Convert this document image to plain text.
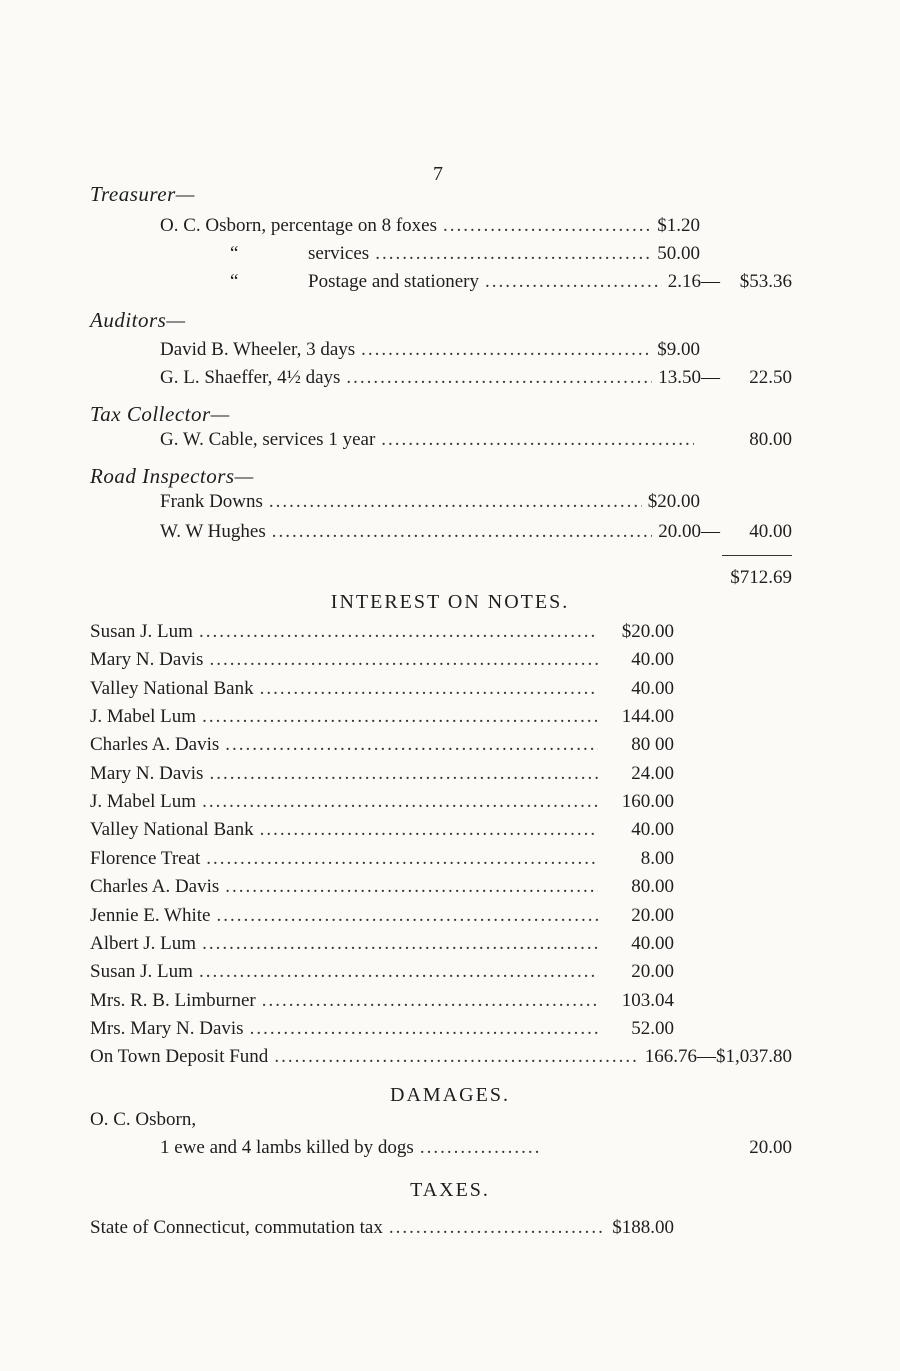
7
Treasurer—
O. C. Osborn, percentage on 8 foxes .....	$1.20
“	services .....	50.00
“	Postage and stationery .....	2.16—	$53.36
Auditors—
David B. Wheeler, 3 days .....	$9.00
G. L. Shaeffer, 4½ days .....	13.50—	22.50
Tax Collector—
G. W. Cable, services 1 year .....	80.00
Road Inspectors—
Frank Downs .....	$20.00
W. W Hughes .....	20.00—	40.00
$712.69
INTEREST ON NOTES.
Susan J. Lum .....	$20.00
Mary N. Davis .....	40.00
Valley National Bank .....	40.00
J. Mabel Lum .....	144.00
Charles A. Davis .....	80 00
Mary N. Davis .....	24.00
J. Mabel Lum .....	160.00
Valley National Bank .....	40.00
Florence Treat .....	8.00
Charles A. Davis .....	80.00
Jennie E. White .....	20.00
Albert J. Lum .....	40.00
Susan J. Lum .....	20.00
Mrs. R. B. Limburner .....	103.04
Mrs. Mary N. Davis .....	52.00
On Town Deposit Fund .....	166.76—$1,037.80
DAMAGES.
O. C. Osborn,
1 ewe and 4 lambs killed by dogs .....	20.00
TAXES.
State of Connecticut, commutation tax .....	$188.00
